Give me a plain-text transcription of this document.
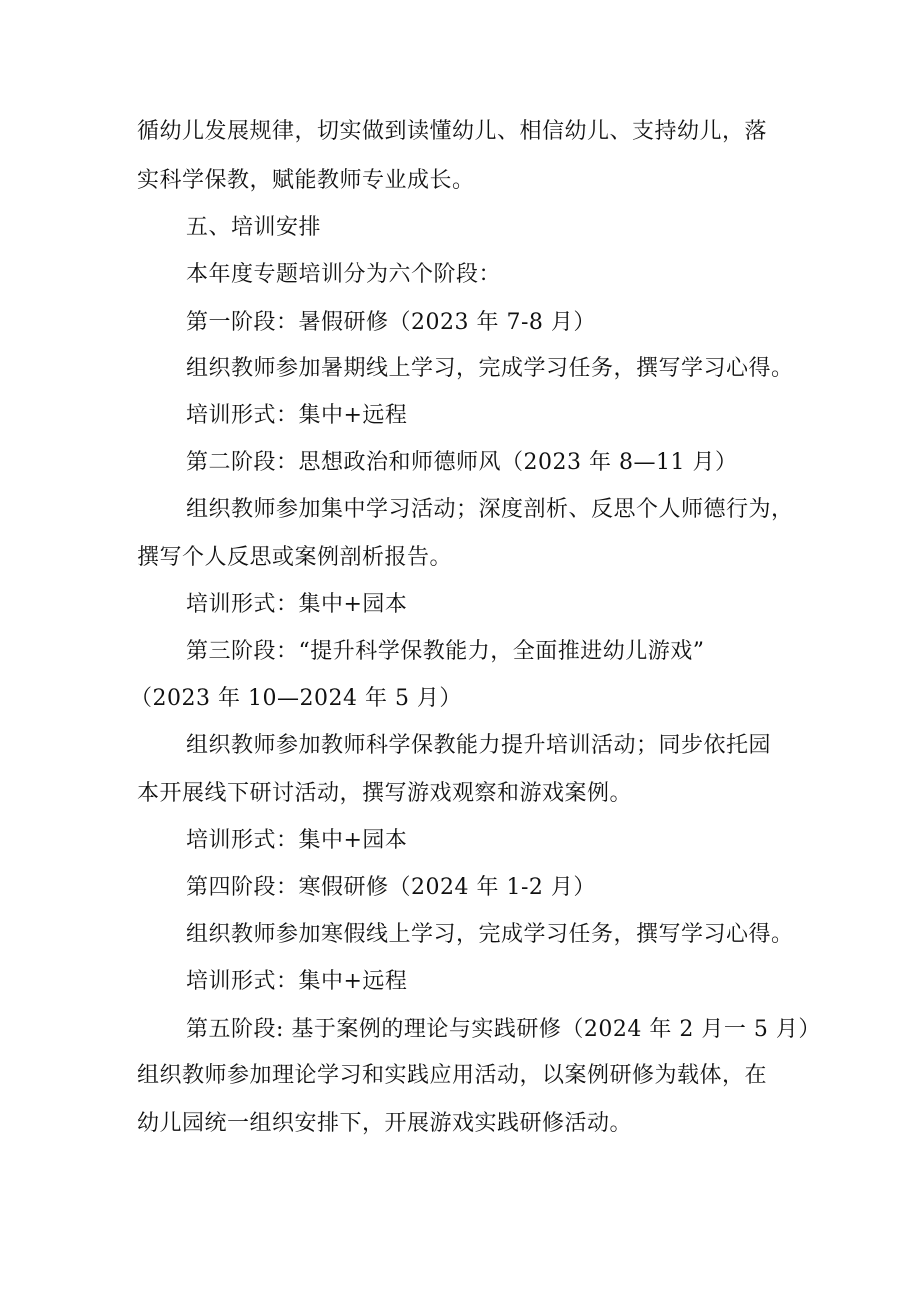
循幼儿发展规律，切实做到读懂幼儿、相信幼儿、支持幼儿，落
实科学保教，赋能教师专业成长。
五、培训安排
本年度专题培训分为六个阶段：
第一阶段：暑假研修（2023 年 7-8 月）
组织教师参加暑期线上学习，完成学习任务，撰写学习心得。
培训形式：集中+远程
第二阶段：思想政治和师德师风（2023 年 8—11 月）
组织教师参加集中学习活动；深度剖析、反思个人师德行为，
撰写个人反思或案例剖析报告。
培训形式：集中+园本
第三阶段：“提升科学保教能力，全面推进幼儿游戏”
（2023 年 10—2024 年 5 月）
组织教师参加教师科学保教能力提升培训活动；同步依托园
本开展线下研讨活动，撰写游戏观察和游戏案例。
培训形式：集中+园本
第四阶段：寒假研修（2024 年 1-2 月）
组织教师参加寒假线上学习，完成学习任务，撰写学习心得。
培训形式：集中+远程
第五阶段: 基于案例的理论与实践研修（2024 年 2 月一 5 月）
组织教师参加理论学习和实践应用活动，以案例研修为载体，在
幼儿园统一组织安排下，开展游戏实践研修活动。
